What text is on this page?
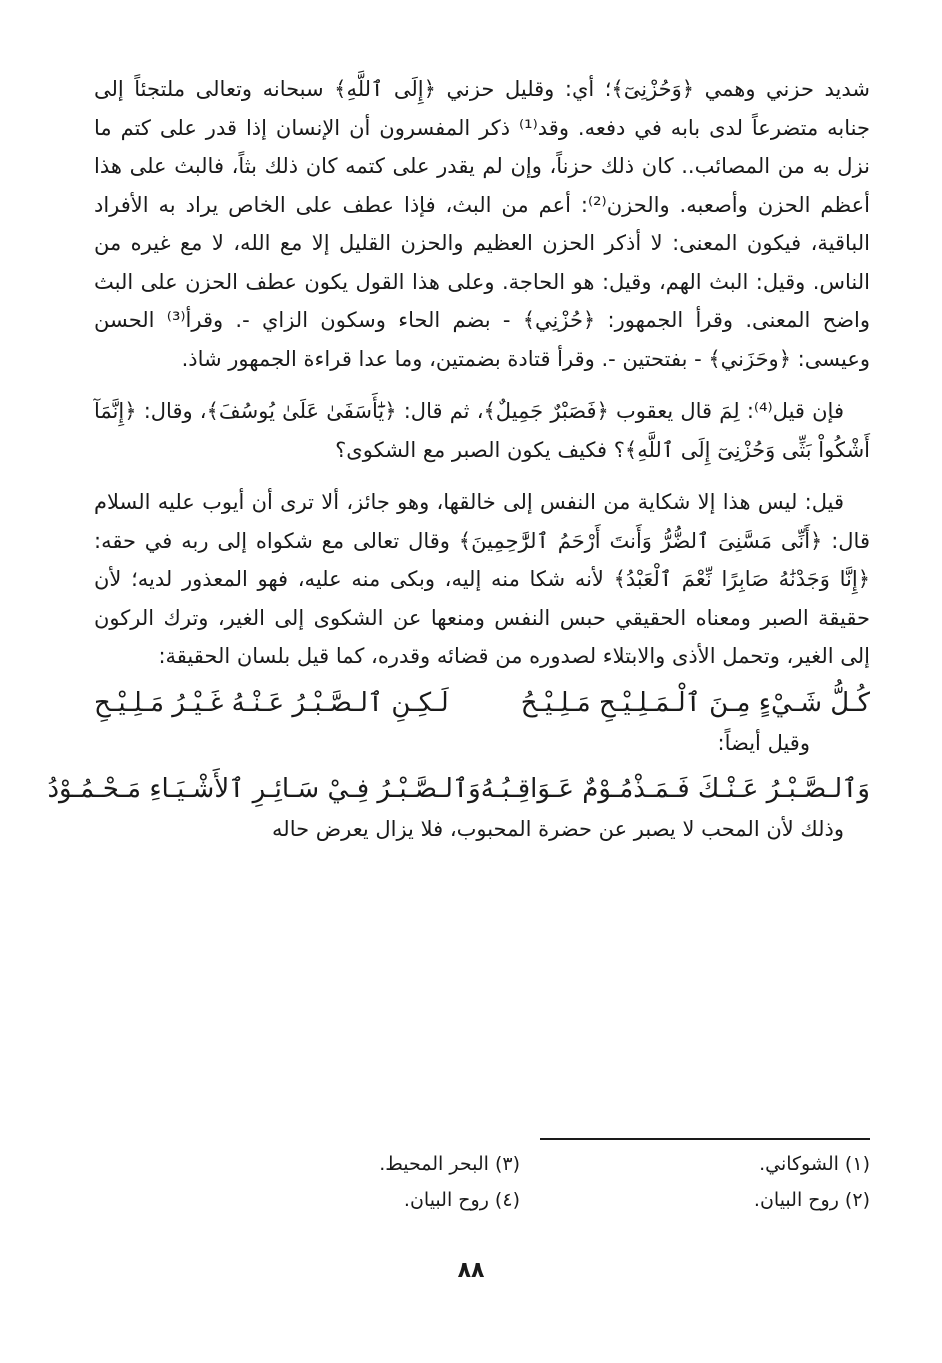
شديد حزني وهمي ﴿وَحُزْنِىٓ﴾؛ أي: وقليل حزني ﴿إِلَى ٱللَّهِ﴾ سبحانه وتعالى ملتجئاً إلى جنابه متضرعاً لدى بابه في دفعه. وقد⁽¹⁾ ذكر المفسرون أن الإنسان إذا قدر على كتم ما نزل به من المصائب.. كان ذلك حزناً، وإن لم يقدر على كتمه كان ذلك بثاً، فالبث على هذا أعظم الحزن وأصعبه. والحزن⁽²⁾: أعم من البث، فإذا عطف على الخاص يراد به الأفراد الباقية، فيكون المعنى: لا أذكر الحزن العظيم والحزن القليل إلا مع الله، لا مع غيره من الناس. وقيل: البث الهم، وقيل: هو الحاجة. وعلى هذا القول يكون عطف الحزن على البث واضح المعنى. وقرأ الجمهور: ﴿حُزْنِي﴾ - بضم الحاء وسكون الزاي -. وقرأ⁽³⁾ الحسن وعيسى: ﴿وحَزَني﴾ - بفتحتين -. وقرأ قتادة بضمتين، وما عدا قراءة الجمهور شاذ.

فإن قيل⁽⁴⁾: لِمَ قال يعقوب ﴿فَصَبْرٌ جَمِيلٌ﴾، ثم قال: ﴿يَٰٓأَسَفَىٰ عَلَىٰ يُوسُفَ﴾، وقال: ﴿إِنَّمَآ أَشْكُواْ بَثِّى وَحُزْنِىٓ إِلَى ٱللَّهِ﴾؟ فكيف يكون الصبر مع الشكوى؟

قيل: ليس هذا إلا شكاية من النفس إلى خالقها، وهو جائز، ألا ترى أن أيوب عليه السلام قال: ﴿أَنِّى مَسَّنِىَ ٱلضُّرُّ وَأَنتَ أَرْحَمُ ٱلرَّٰحِمِينَ﴾ وقال تعالى مع شكواه إلى ربه في حقه: ﴿إِنَّا وَجَدْنَٰهُ صَابِرًا نِّعْمَ ٱلْعَبْدُ﴾ لأنه شكا منه إليه، وبكى منه عليه، فهو المعذور لديه؛ لأن حقيقة الصبر ومعناه الحقيقي حبس النفس ومنعها عن الشكوى إلى الغير، وترك الركون إلى الغير، وتحمل الأذى والابتلاء لصدوره من قضائه وقدره، كما قيل بلسان الحقيقة:

كُـلُّ شَـيْءٍ مِـنَ ٱلْـمَـلِـيْـحِ مَـلِـيْـحُ
لَـكِـنِ ٱلـصَّـبْـرُ عَـنْـهُ غَـيْـرُ مَـلِـيْـحِ

وقيل أيضاً:

وَٱلـصَّـبْـرُ عَـنْـكَ فَـمَـذْمُـوْمٌ عَـوَاقِـبُـهُ
وَٱلـصَّـبْـرُ فِـيْ سَـائِـرِ ٱلأَشْـيَـاءِ مَـحْـمُـوْدُ

وذلك لأن المحب لا يصبر عن حضرة المحبوب، فلا يزال يعرض حاله

(١) الشوكاني.
(٣) البحر المحيط.
(٢) روح البيان.
(٤) روح البيان.
٨٨
